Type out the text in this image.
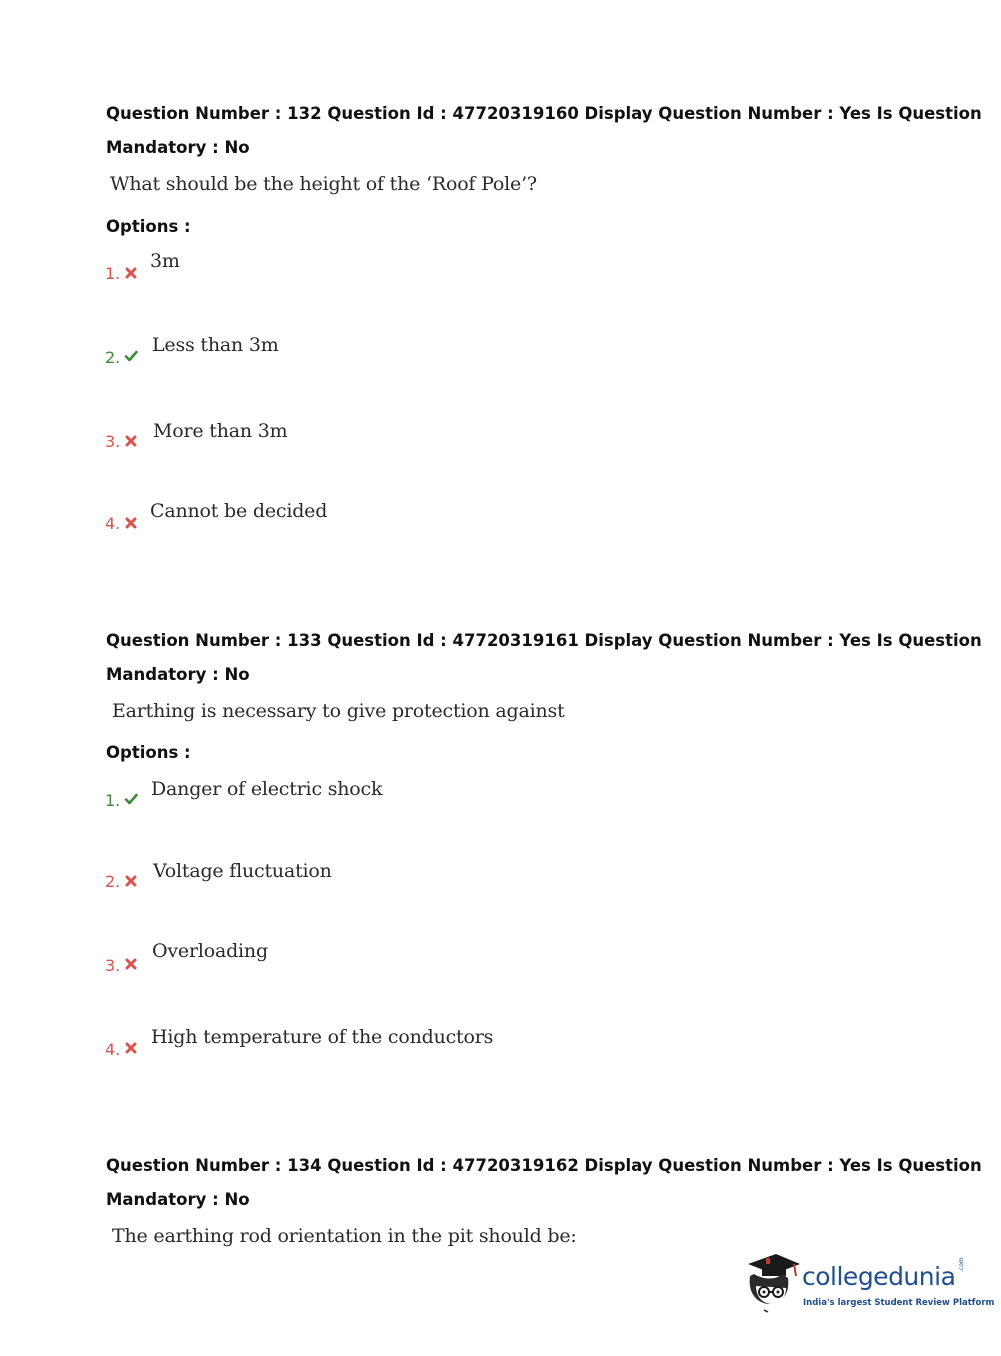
Question Number : 132 Question Id : 47720319160 Display Question Number : Yes Is Question
Mandatory : No
What should be the height of the ‘Roof Pole’?
Options :
1.
3m
2.
Less than 3m
3. More than 3m
4.
Cannot be decided
Question Number : 133 Question Id : 47720319161 Display Question Number : Yes Is Question
Mandatory : No
Earthing is necessary to give protection against
Options :
1.
Danger of electric shock
2. Voltage fluctuation
3.
Overloading
4.
High temperature of the conductors
Question Number : 134 Question Id : 47720319162 Display Question Number : Yes Is Question
Mandatory : No
The earthing rod orientation in the pit should be:
collegedunia .com
India's largest Student Review Platform
